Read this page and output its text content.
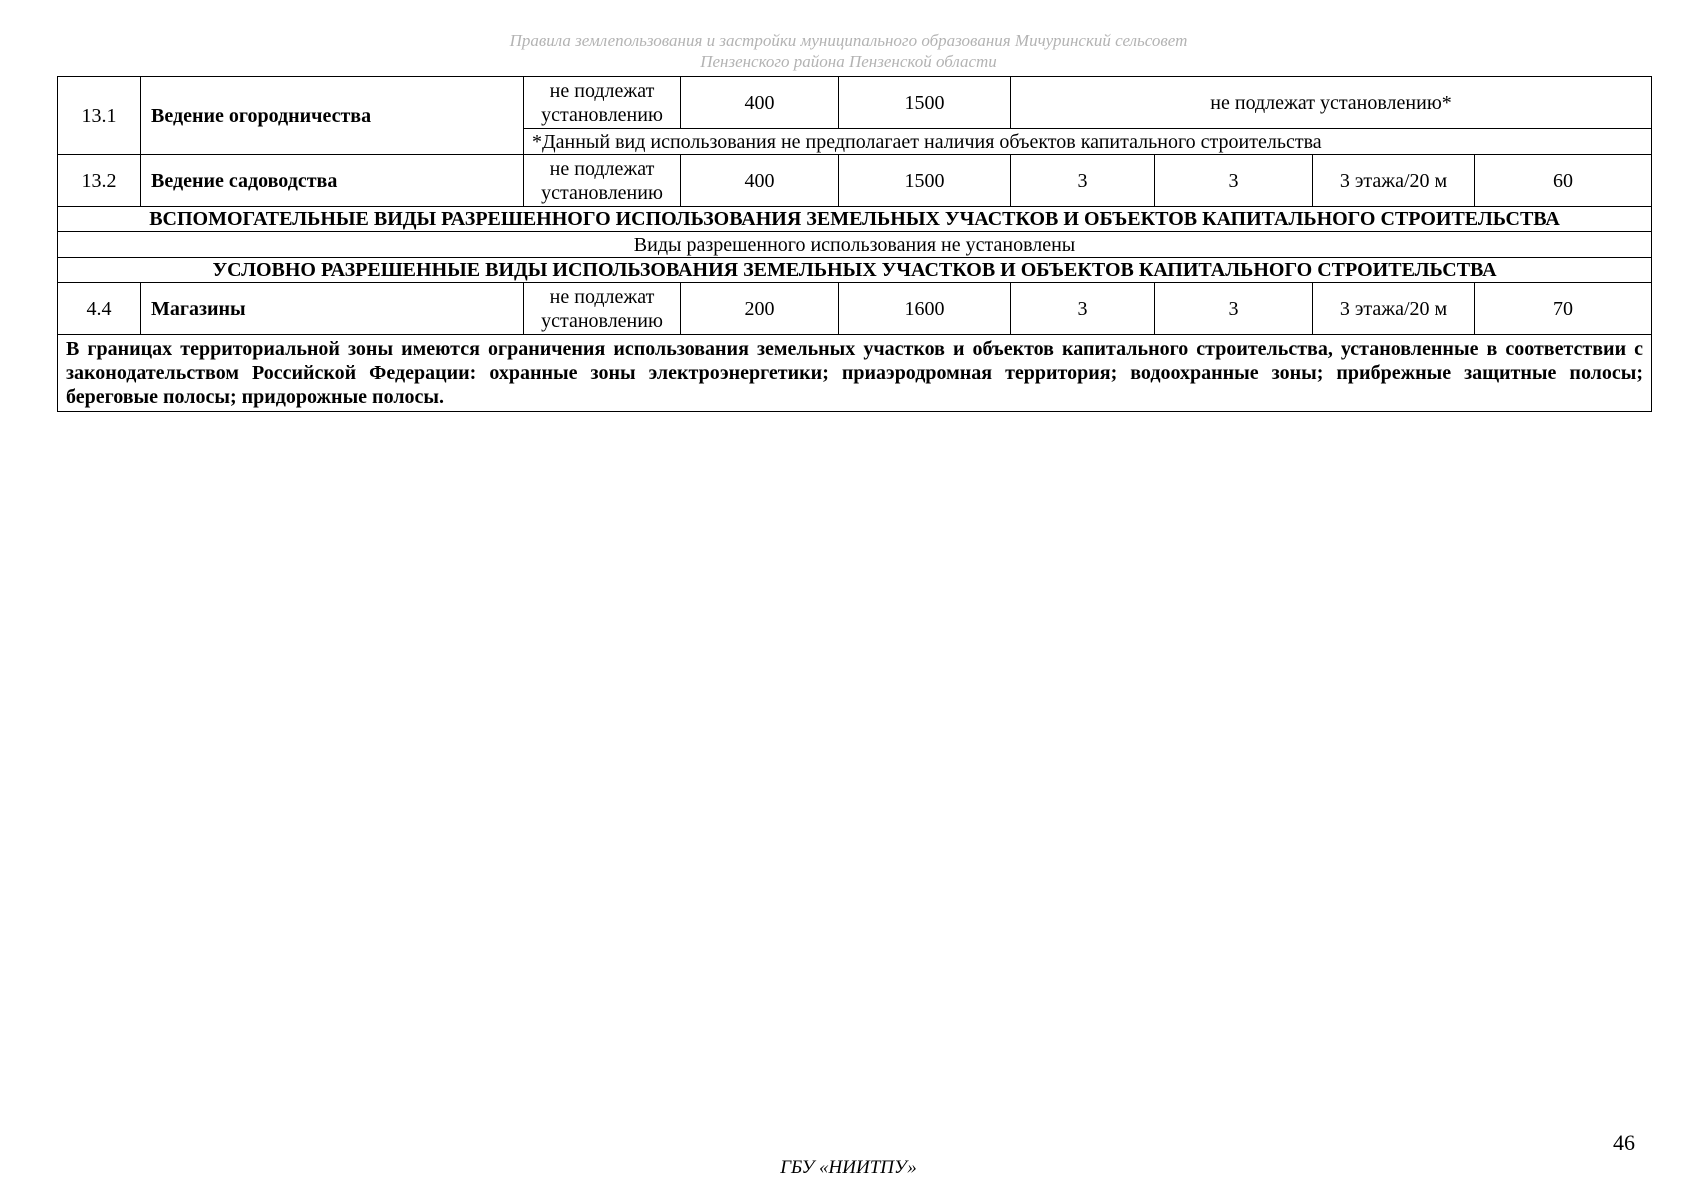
Правила землепользования и застройки муниципального образования Мичуринский сельсовет
Пензенского района Пензенской области
13.1	Ведение огородничества	не подлежат установлению	400	1500	не подлежат установлению*			
		*Данный вид использования не предполагает наличия объектов капитального строительства						
13.2	Ведение садоводства	не подлежат установлению	400	1500	3	3	3 этажа/20 м	60
ВСПОМОГАТЕЛЬНЫЕ ВИДЫ РАЗРЕШЕННОГО ИСПОЛЬЗОВАНИЯ ЗЕМЕЛЬНЫХ УЧАСТКОВ И ОБЪЕКТОВ КАПИТАЛЬНОГО СТРОИТЕЛЬСТВА								
Виды разрешенного использования не установлены								
УСЛОВНО РАЗРЕШЕННЫЕ ВИДЫ ИСПОЛЬЗОВАНИЯ ЗЕМЕЛЬНЫХ УЧАСТКОВ И ОБЪЕКТОВ КАПИТАЛЬНОГО СТРОИТЕЛЬСТВА								
4.4	Магазины	не подлежат установлению	200	1600	3	3	3 этажа/20 м	70
В границах территориальной зоны имеются ограничения использования земельных участков и объектов капитального строительства, установленные в соответствии с законодательством Российской Федерации: охранные зоны электроэнергетики; приаэродромная территория; водоохранные зоны; прибрежные защитные полосы; береговые полосы; придорожные полосы.								
46
ГБУ «НИИТПУ»
